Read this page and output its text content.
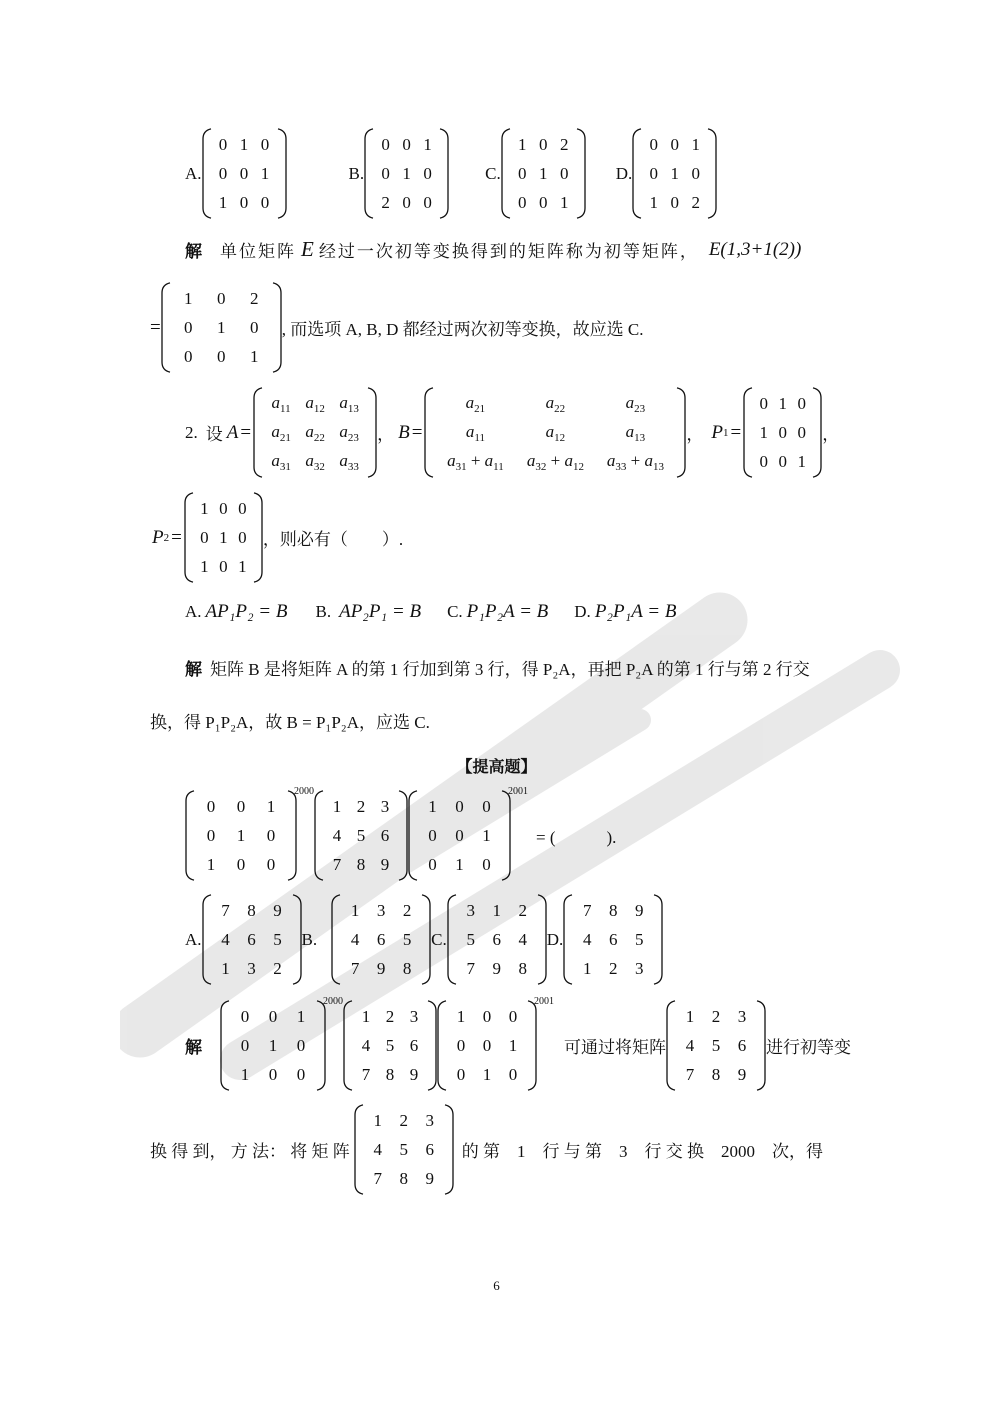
A.
0 1 0
0 0 1
1 0 0
B.
0 0 1
0 1 0
2 0 0
C.
1 0 2
0 1 0
0 0 1
D.
0 0 1
0 1 0
1 0 2
解 单位矩阵 E 经过一次初等变换得到的矩阵称为初等矩阵， E(1,3+1(2))
=
1	0	2
0	1	0
0	0	1
, 而选项 A, B, D 都经过两次初等变换，故应选 C.
2. 设 A =
$a_{11}$ $a_{12}$ $a_{13}$
$a_{21}$ $a_{22}$ $a_{23}$
$a_{31}$ $a_{32}$ $a_{33}$
， B =
$a_{21}$	$a_{22}$	$a_{23}$
$a_{11}$	$a_{12}$	$a_{13}$
$a_{31} + a_{11}$	$a_{32} + a_{12}$	$a_{33} + a_{13}$
， P 1 =
0 1 0
1 0 0
0 0 1
，
P 2 =
1 0 0
0 1 0
1 0 1
，则必有（　　）.
A. AP₁P₂ = B B. AP₂P₁ = B C. P₁P₂A = B D. P₂P₁A = B
解 矩阵 B 是将矩阵 A 的第 1 行加到第 3 行，得 P₂A，再把 P₂A 的第 1 行与第 2 行交
换，得 P₁P₂A，故 B = P₁P₂A，应选 C.
【提高题】
0	0	1
0	1	0
1	0	0
2000
1 2 3
4 5 6
7 8 9
1	0	0
0	0	1
0	1	0
2001
= (　　　).
A.
7	8	9
4	6	5
1	3	2
B.
1	3	2
4	6	5
7	9	8
C.
3	1	2
5	6	4
7	9	8
D.
7	8	9
4	6	5
1	2	3
解
0	0	1
0	1	0
1	0	0
2000
1 2 3
4 5 6
7 8 9
1	0	0
0	0	1
0	1	0
2001
可通过将矩阵
1	2	3
4	5	6
7	8	9
进行初等变
换 得 到， 方 法： 将 矩 阵
1	2	3
4	5	6
7	8	9
的 第　1　行 与 第　3　行 交 换　2000　次，得
6
